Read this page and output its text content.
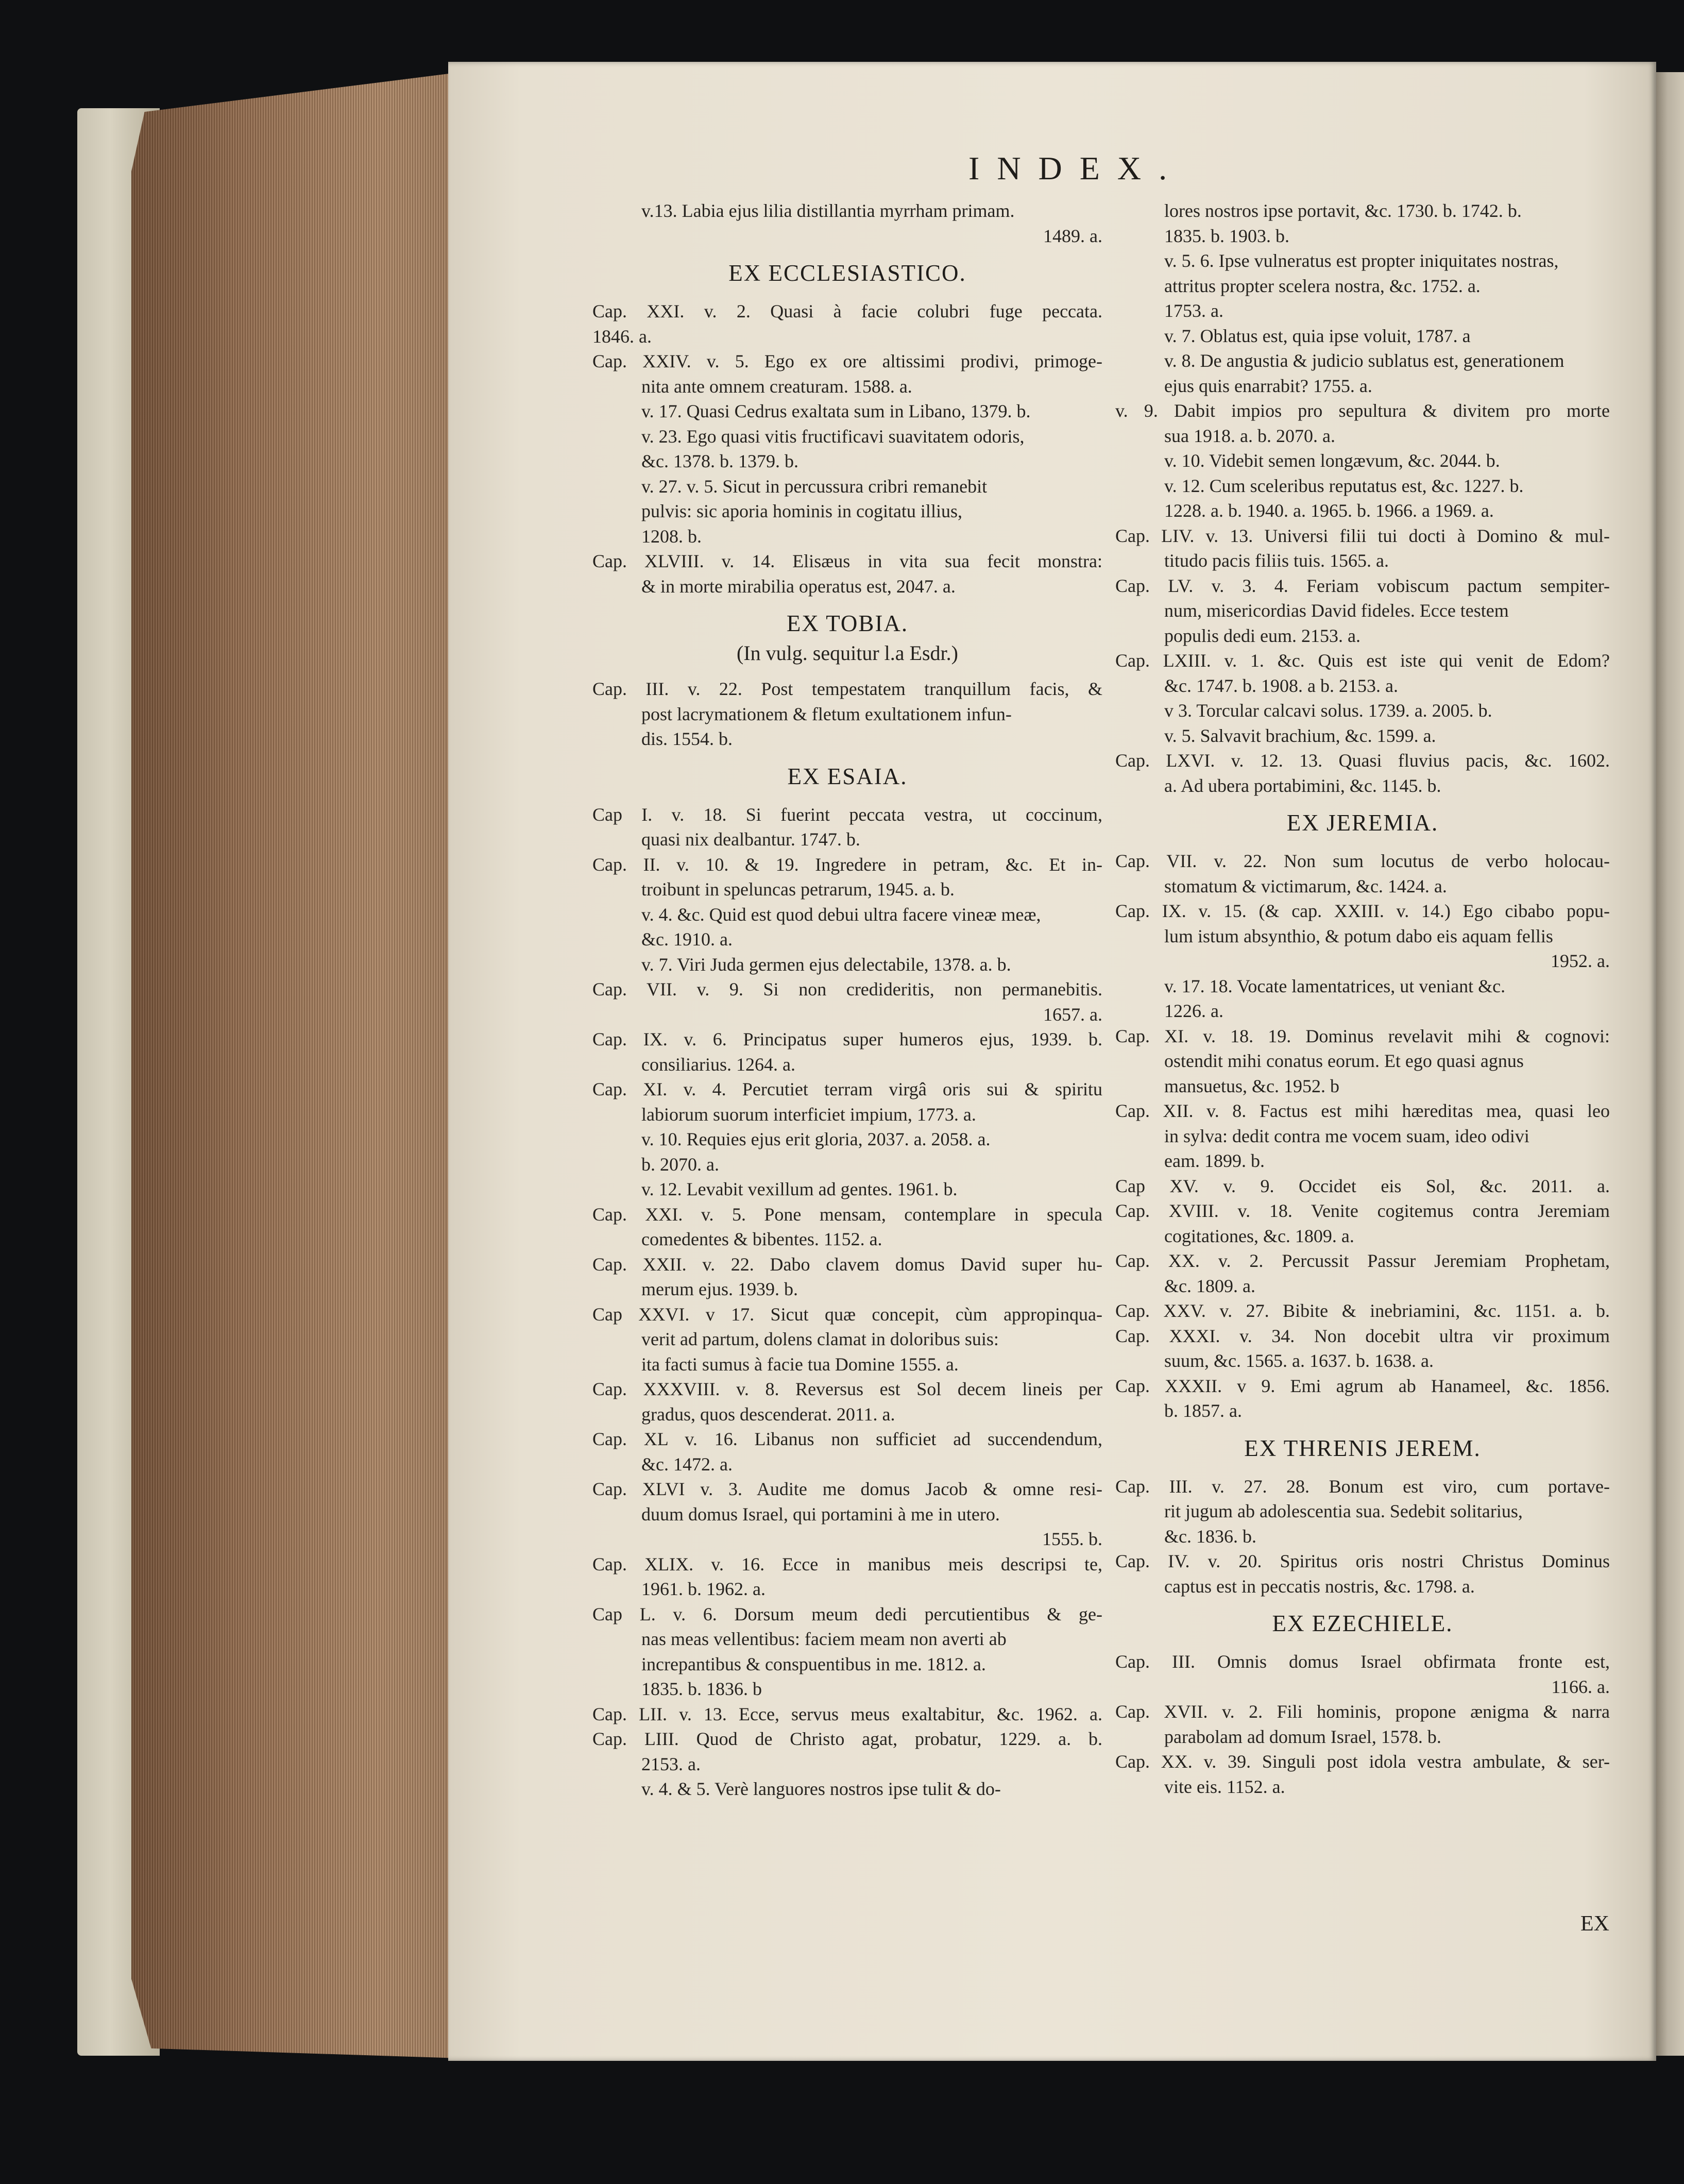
INDEX.
v.13. Labia ejus lilia distillantia myrrham primam.
1489. a.
EX ECCLESIASTICO.
Cap. XXI. v. 2. Quasi à facie colubri fuge peccata.
1846. a.
Cap. XXIV. v. 5. Ego ex ore altissimi prodivi, primoge-
nita ante omnem creaturam. 1588. a.
v. 17. Quasi Cedrus exaltata sum in Libano, 1379. b.
v. 23. Ego quasi vitis fructificavi suavitatem odoris,
&c. 1378. b. 1379. b.
v. 27. v. 5. Sicut in percussura cribri remanebit
pulvis: sic aporia hominis in cogitatu illius,
1208. b.
Cap. XLVIII. v. 14. Elisæus in vita sua fecit monstra:
& in morte mirabilia operatus est, 2047. a.
EX TOBIA.
(In vulg. sequitur l.a Esdr.)
Cap. III. v. 22. Post tempestatem tranquillum facis, &
post lacrymationem & fletum exultationem infun-
dis. 1554. b.
EX ESAIA.
Cap I. v. 18. Si fuerint peccata vestra, ut coccinum,
quasi nix dealbantur. 1747. b.
Cap. II. v. 10. & 19. Ingredere in petram, &c. Et in-
troibunt in speluncas petrarum, 1945. a. b.
v. 4. &c. Quid est quod debui ultra facere vineæ meæ,
&c. 1910. a.
v. 7. Viri Juda germen ejus delectabile, 1378. a. b.
Cap. VII. v. 9. Si non credideritis, non permanebitis.
1657. a.
Cap. IX. v. 6. Principatus super humeros ejus, 1939. b.
consiliarius. 1264. a.
Cap. XI. v. 4. Percutiet terram virgâ oris sui & spiritu
labiorum suorum interficiet impium, 1773. a.
v. 10. Requies ejus erit gloria, 2037. a. 2058. a.
b. 2070. a.
v. 12. Levabit vexillum ad gentes. 1961. b.
Cap. XXI. v. 5. Pone mensam, contemplare in specula
comedentes & bibentes. 1152. a.
Cap. XXII. v. 22. Dabo clavem domus David super hu-
merum ejus. 1939. b.
Cap XXVI. v 17. Sicut quæ concepit, cùm appropinqua-
verit ad partum, dolens clamat in doloribus suis:
ita facti sumus à facie tua Domine 1555. a.
Cap. XXXVIII. v. 8. Reversus est Sol decem lineis per
gradus, quos descenderat. 2011. a.
Cap. XL v. 16. Libanus non sufficiet ad succendendum,
&c. 1472. a.
Cap. XLVI v. 3. Audite me domus Jacob & omne resi-
duum domus Israel, qui portamini à me in utero.
1555. b.
Cap. XLIX. v. 16. Ecce in manibus meis descripsi te,
1961. b. 1962. a.
Cap L. v. 6. Dorsum meum dedi percutientibus & ge-
nas meas vellentibus: faciem meam non averti ab
increpantibus & conspuentibus in me. 1812. a.
1835. b. 1836. b
Cap. LII. v. 13. Ecce, servus meus exaltabitur, &c. 1962. a.
Cap. LIII. Quod de Christo agat, probatur, 1229. a. b.
2153. a.
v. 4. & 5. Verè languores nostros ipse tulit & do-
lores nostros ipse portavit, &c. 1730. b. 1742. b.
1835. b. 1903. b.
v. 5. 6. Ipse vulneratus est propter iniquitates nostras,
attritus propter scelera nostra, &c. 1752. a.
1753. a.
v. 7. Oblatus est, quia ipse voluit, 1787. a
v. 8. De angustia & judicio sublatus est, generationem
ejus quis enarrabit? 1755. a.
v. 9. Dabit impios pro sepultura & divitem pro morte
sua 1918. a. b. 2070. a.
v. 10. Videbit semen longævum, &c. 2044. b.
v. 12. Cum sceleribus reputatus est, &c. 1227. b.
1228. a. b. 1940. a. 1965. b. 1966. a 1969. a.
Cap. LIV. v. 13. Universi filii tui docti à Domino & mul-
titudo pacis filiis tuis. 1565. a.
Cap. LV. v. 3. 4. Feriam vobiscum pactum sempiter-
num, misericordias David fideles. Ecce testem
populis dedi eum. 2153. a.
Cap. LXIII. v. 1. &c. Quis est iste qui venit de Edom?
&c. 1747. b. 1908. a b. 2153. a.
v 3. Torcular calcavi solus. 1739. a. 2005. b.
v. 5. Salvavit brachium, &c. 1599. a.
Cap. LXVI. v. 12. 13. Quasi fluvius pacis, &c. 1602.
a. Ad ubera portabimini, &c. 1145. b.
EX JEREMIA.
Cap. VII. v. 22. Non sum locutus de verbo holocau-
stomatum & victimarum, &c. 1424. a.
Cap. IX. v. 15. (& cap. XXIII. v. 14.) Ego cibabo popu-
lum istum absynthio, & potum dabo eis aquam fellis
1952. a.
v. 17. 18. Vocate lamentatrices, ut veniant &c.
1226. a.
Cap. XI. v. 18. 19. Dominus revelavit mihi & cognovi:
ostendit mihi conatus eorum. Et ego quasi agnus
mansuetus, &c. 1952. b
Cap. XII. v. 8. Factus est mihi hæreditas mea, quasi leo
in sylva: dedit contra me vocem suam, ideo odivi
eam. 1899. b.
Cap XV. v. 9. Occidet eis Sol, &c. 2011. a.
Cap. XVIII. v. 18. Venite cogitemus contra Jeremiam
cogitationes, &c. 1809. a.
Cap. XX. v. 2. Percussit Passur Jeremiam Prophetam,
&c. 1809. a.
Cap. XXV. v. 27. Bibite & inebriamini, &c. 1151. a. b.
Cap. XXXI. v. 34. Non docebit ultra vir proximum
suum, &c. 1565. a. 1637. b. 1638. a.
Cap. XXXII. v 9. Emi agrum ab Hanameel, &c. 1856.
b. 1857. a.
EX THRENIS JEREM.
Cap. III. v. 27. 28. Bonum est viro, cum portave-
rit jugum ab adolescentia sua. Sedebit solitarius,
&c. 1836. b.
Cap. IV. v. 20. Spiritus oris nostri Christus Dominus
captus est in peccatis nostris, &c. 1798. a.
EX EZECHIELE.
Cap. III. Omnis domus Israel obfirmata fronte est,
1166. a.
Cap. XVII. v. 2. Fili hominis, propone ænigma & narra
parabolam ad domum Israel, 1578. b.
Cap. XX. v. 39. Singuli post idola vestra ambulate, & ser-
vite eis. 1152. a.
EX
